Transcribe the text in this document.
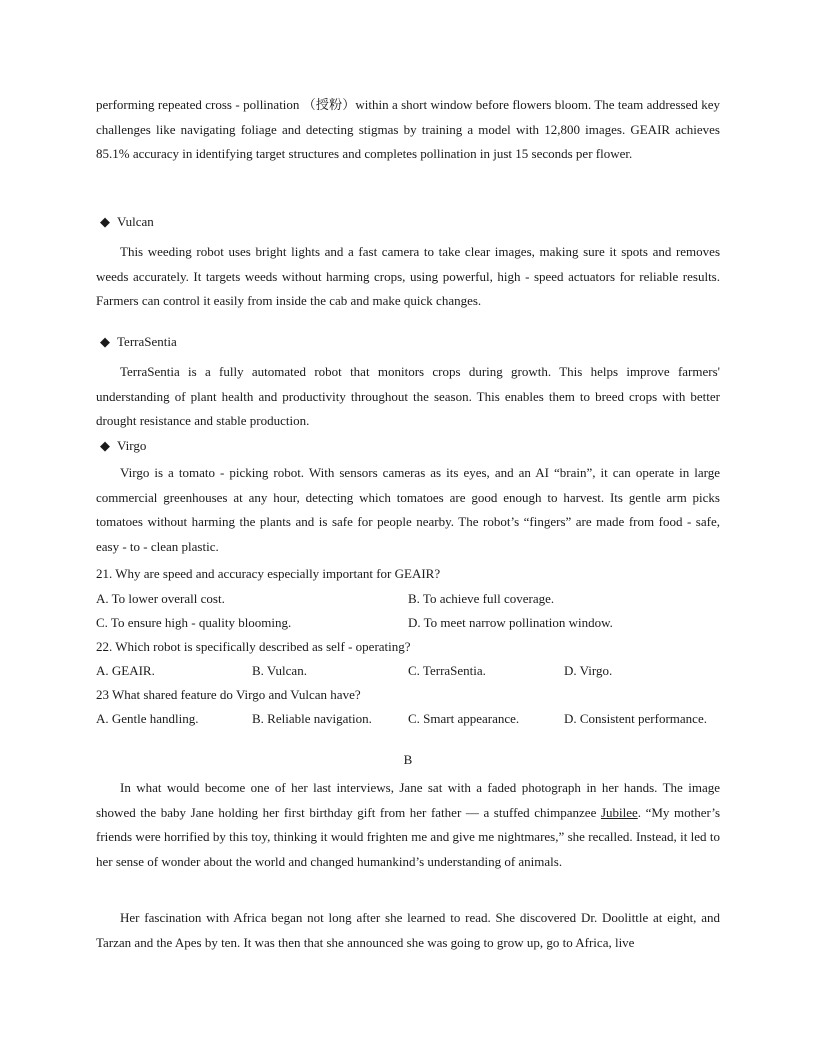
performing repeated cross - pollination （授粉）within a short window before flowers bloom. The team addressed key challenges like navigating foliage and detecting stigmas by training a model with 12,800 images. GEAIR achieves 85.1% accuracy in identifying target structures and completes pollination in just 15 seconds per flower.

◆ Vulcan

This weeding robot uses bright lights and a fast camera to take clear images, making sure it spots and removes weeds accurately. It targets weeds without harming crops, using powerful, high - speed actuators for reliable results. Farmers can control it easily from inside the cab and make quick changes.

◆ TerraSentia

TerraSentia is a fully automated robot that monitors crops during growth. This helps improve farmers' understanding of plant health and productivity throughout the season. This enables them to breed crops with better drought resistance and stable production.

◆ Virgo

Virgo is a tomato - picking robot. With sensors cameras as its eyes, and an AI “brain”, it can operate in large commercial greenhouses at any hour, detecting which tomatoes are good enough to harvest. Its gentle arm picks tomatoes without harming the plants and is safe for people nearby. The robot’s “fingers” are made from food - safe, easy - to - clean plastic.

21. Why are speed and accuracy especially important for GEAIR?

A. To lower overall cost.	B. To achieve full coverage.

C. To ensure high - quality blooming.	D. To meet narrow pollination window.

22. Which robot is specifically described as self - operating?

A. GEAIR.	B. Vulcan.	C. TerraSentia.	D. Virgo.

23 What shared feature do Virgo and Vulcan have?

A. Gentle handling.	B. Reliable navigation.	C. Smart appearance.	D. Consistent performance.

B

In what would become one of her last interviews, Jane sat with a faded photograph in her hands. The image showed the baby Jane holding her first birthday gift from her father — a stuffed chimpanzee Jubilee. “My mother’s friends were horrified by this toy, thinking it would frighten me and give me nightmares,” she recalled. Instead, it led to her sense of wonder about the world and changed humankind’s understanding of animals.

Her fascination with Africa began not long after she learned to read. She discovered Dr. Doolittle at eight, and Tarzan and the Apes by ten. It was then that she announced she was going to grow up, go to Africa, live
